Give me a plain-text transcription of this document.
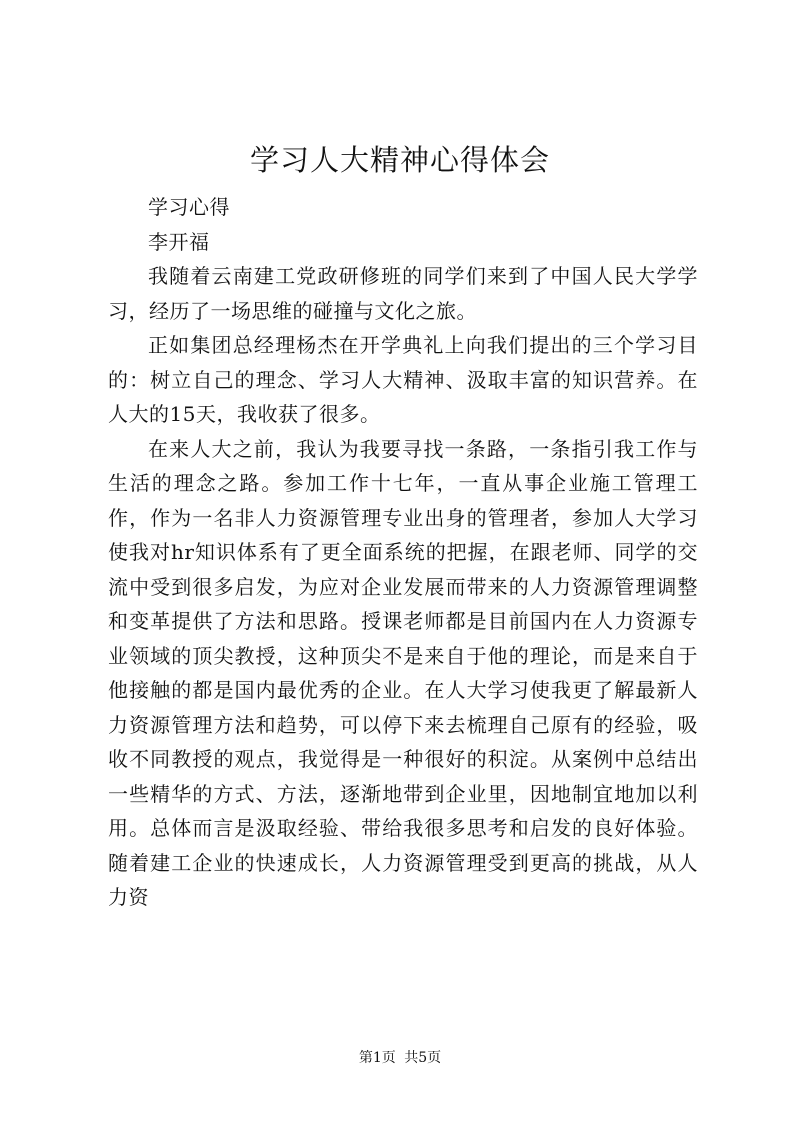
学习人大精神心得体会

学习心得

李开福

我随着云南建工党政研修班的同学们来到了中国人民大学学习，经历了一场思维的碰撞与文化之旅。

正如集团总经理杨杰在开学典礼上向我们提出的三个学习目的：树立自己的理念、学习人大精神、汲取丰富的知识营养。在人大的15天，我收获了很多。

在来人大之前，我认为我要寻找一条路，一条指引我工作与生活的理念之路。参加工作十七年，一直从事企业施工管理工作，作为一名非人力资源管理专业出身的管理者，参加人大学习使我对hr知识体系有了更全面系统的把握，在跟老师、同学的交流中受到很多启发，为应对企业发展而带来的人力资源管理调整和变革提供了方法和思路。授课老师都是目前国内在人力资源专业领域的顶尖教授，这种顶尖不是来自于他的理论，而是来自于他接触的都是国内最优秀的企业。在人大学习使我更了解最新人力资源管理方法和趋势，可以停下来去梳理自己原有的经验，吸收不同教授的观点，我觉得是一种很好的积淀。从案例中总结出一些精华的方式、方法，逐渐地带到企业里，因地制宜地加以利用。总体而言是汲取经验、带给我很多思考和启发的良好体验。随着建工企业的快速成长，人力资源管理受到更高的挑战，从人力资

第1页 共5页
